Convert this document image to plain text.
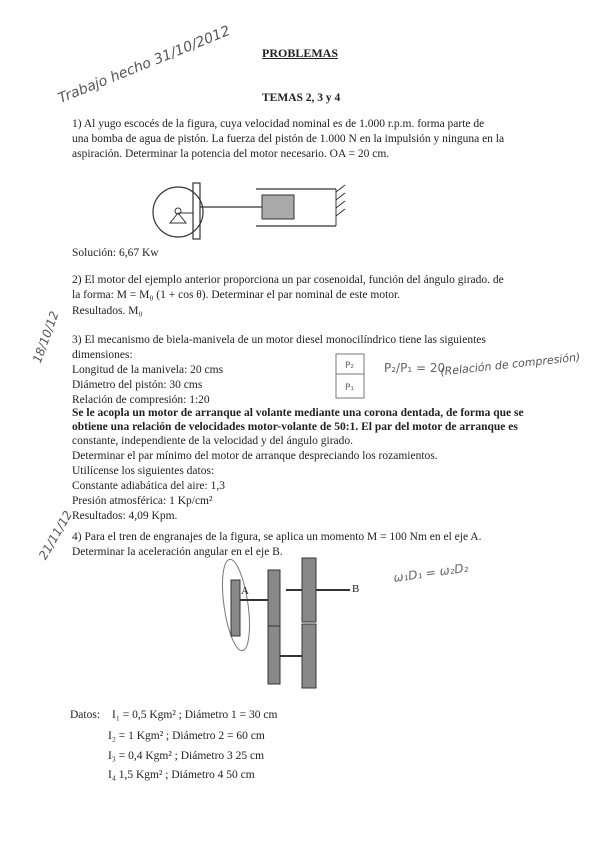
PROBLEMAS
TEMAS 2, 3 y 4
Trabajo hecho 31/10/2012
18/10/12
21/11/12
1) Al yugo escocés de la figura, cuya velocidad nominal es de 1.000 r.p.m. forma parte de
una bomba de agua de pistón. La fuerza del pistón de 1.000 N en la impulsión y ninguna en la
aspiración. Determinar la potencia del motor necesario. OA = 20 cm.
Solución: 6,67 Kw
2) El motor del ejemplo anterior proporciona un par cosenoidal, función del ángulo girado. de
la forma: M = M₀ (1 + cos θ). Determinar el par nominal de este motor.
Resultados. M₀
3) El mecanismo de biela-manivela de un motor diesel monocilíndrico tiene las siguientes
dimensiones:
Longitud de la manivela: 20 cms
Diámetro del pistón: 30 cms
Relación de compresión: 1:20
Se le acopla un motor de arranque al volante mediante una corona dentada, de forma que se
obtiene una relación de velocidades motor-volante de 50:1. El par del motor de arranque es
constante, independiente de la velocidad y del ángulo girado.
Determinar el par mínimo del motor de arranque despreciando los rozamientos.
Utilícense los siguientes datos:
Constante adiabática del aire: 1,3
Presión atmosférica: 1 Kp/cm²
Resultados: 4,09 Kpm.
P₂
P₁
P₂/P₁ = 20
(Relación de compresión)
4) Para el tren de engranajes de la figura, se aplica un momento M = 100 Nm en el eje A.
Determinar la aceleración angular en el eje B.
A	B
ω₁D₁ = ω₂D₂
Datos: I₁ = 0,5 Kgm² ; Diámetro 1 = 30 cm
I₂ = 1 Kgm² ; Diámetro 2 = 60 cm
I₃ = 0,4 Kgm² ; Diámetro 3 25 cm
I₄ 1,5 Kgm² ; Diámetro 4 50 cm
